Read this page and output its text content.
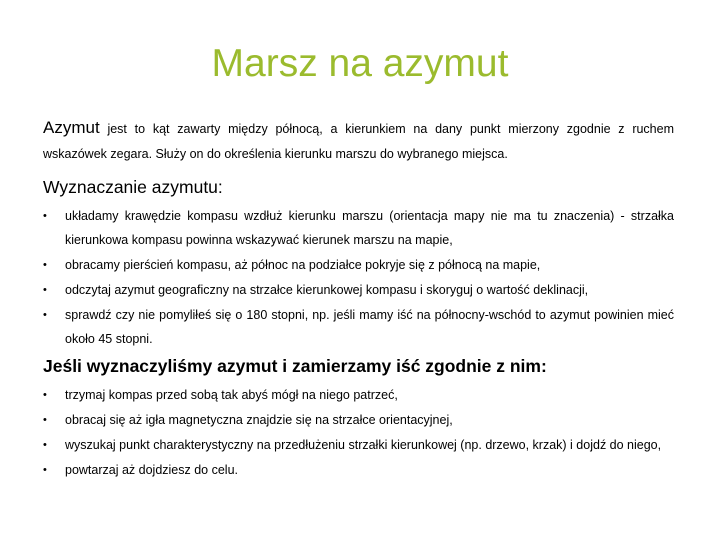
Marsz na azymut
Azymut jest to kąt zawarty między północą, a kierunkiem na dany punkt mierzony zgodnie z ruchem wskazówek zegara. Służy on do określenia kierunku marszu do wybranego miejsca.
Wyznaczanie azymutu:
• układamy krawędzie kompasu wzdłuż kierunku marszu (orientacja mapy nie ma tu znaczenia) - strzałka kierunkowa kompasu powinna wskazywać kierunek marszu na mapie,
• obracamy pierścień kompasu, aż północ na podziałce pokryje się z północą na mapie,
• odczytaj azymut geograficzny na strzałce kierunkowej kompasu i skoryguj o wartość deklinacji,
• sprawdź czy nie pomyliłeś się o 180 stopni, np. jeśli mamy iść na północny-wschód to azymut powinien mieć około 45 stopni.
Jeśli wyznaczyliśmy azymut i zamierzamy iść zgodnie z nim:
• trzymaj kompas przed sobą tak abyś mógł na niego patrzeć,
• obracaj się aż igła magnetyczna znajdzie się na strzałce orientacyjnej,
• wyszukaj punkt charakterystyczny na przedłużeniu strzałki kierunkowej (np. drzewo, krzak) i dojdź do niego,
• powtarzaj aż dojdziesz do celu.
